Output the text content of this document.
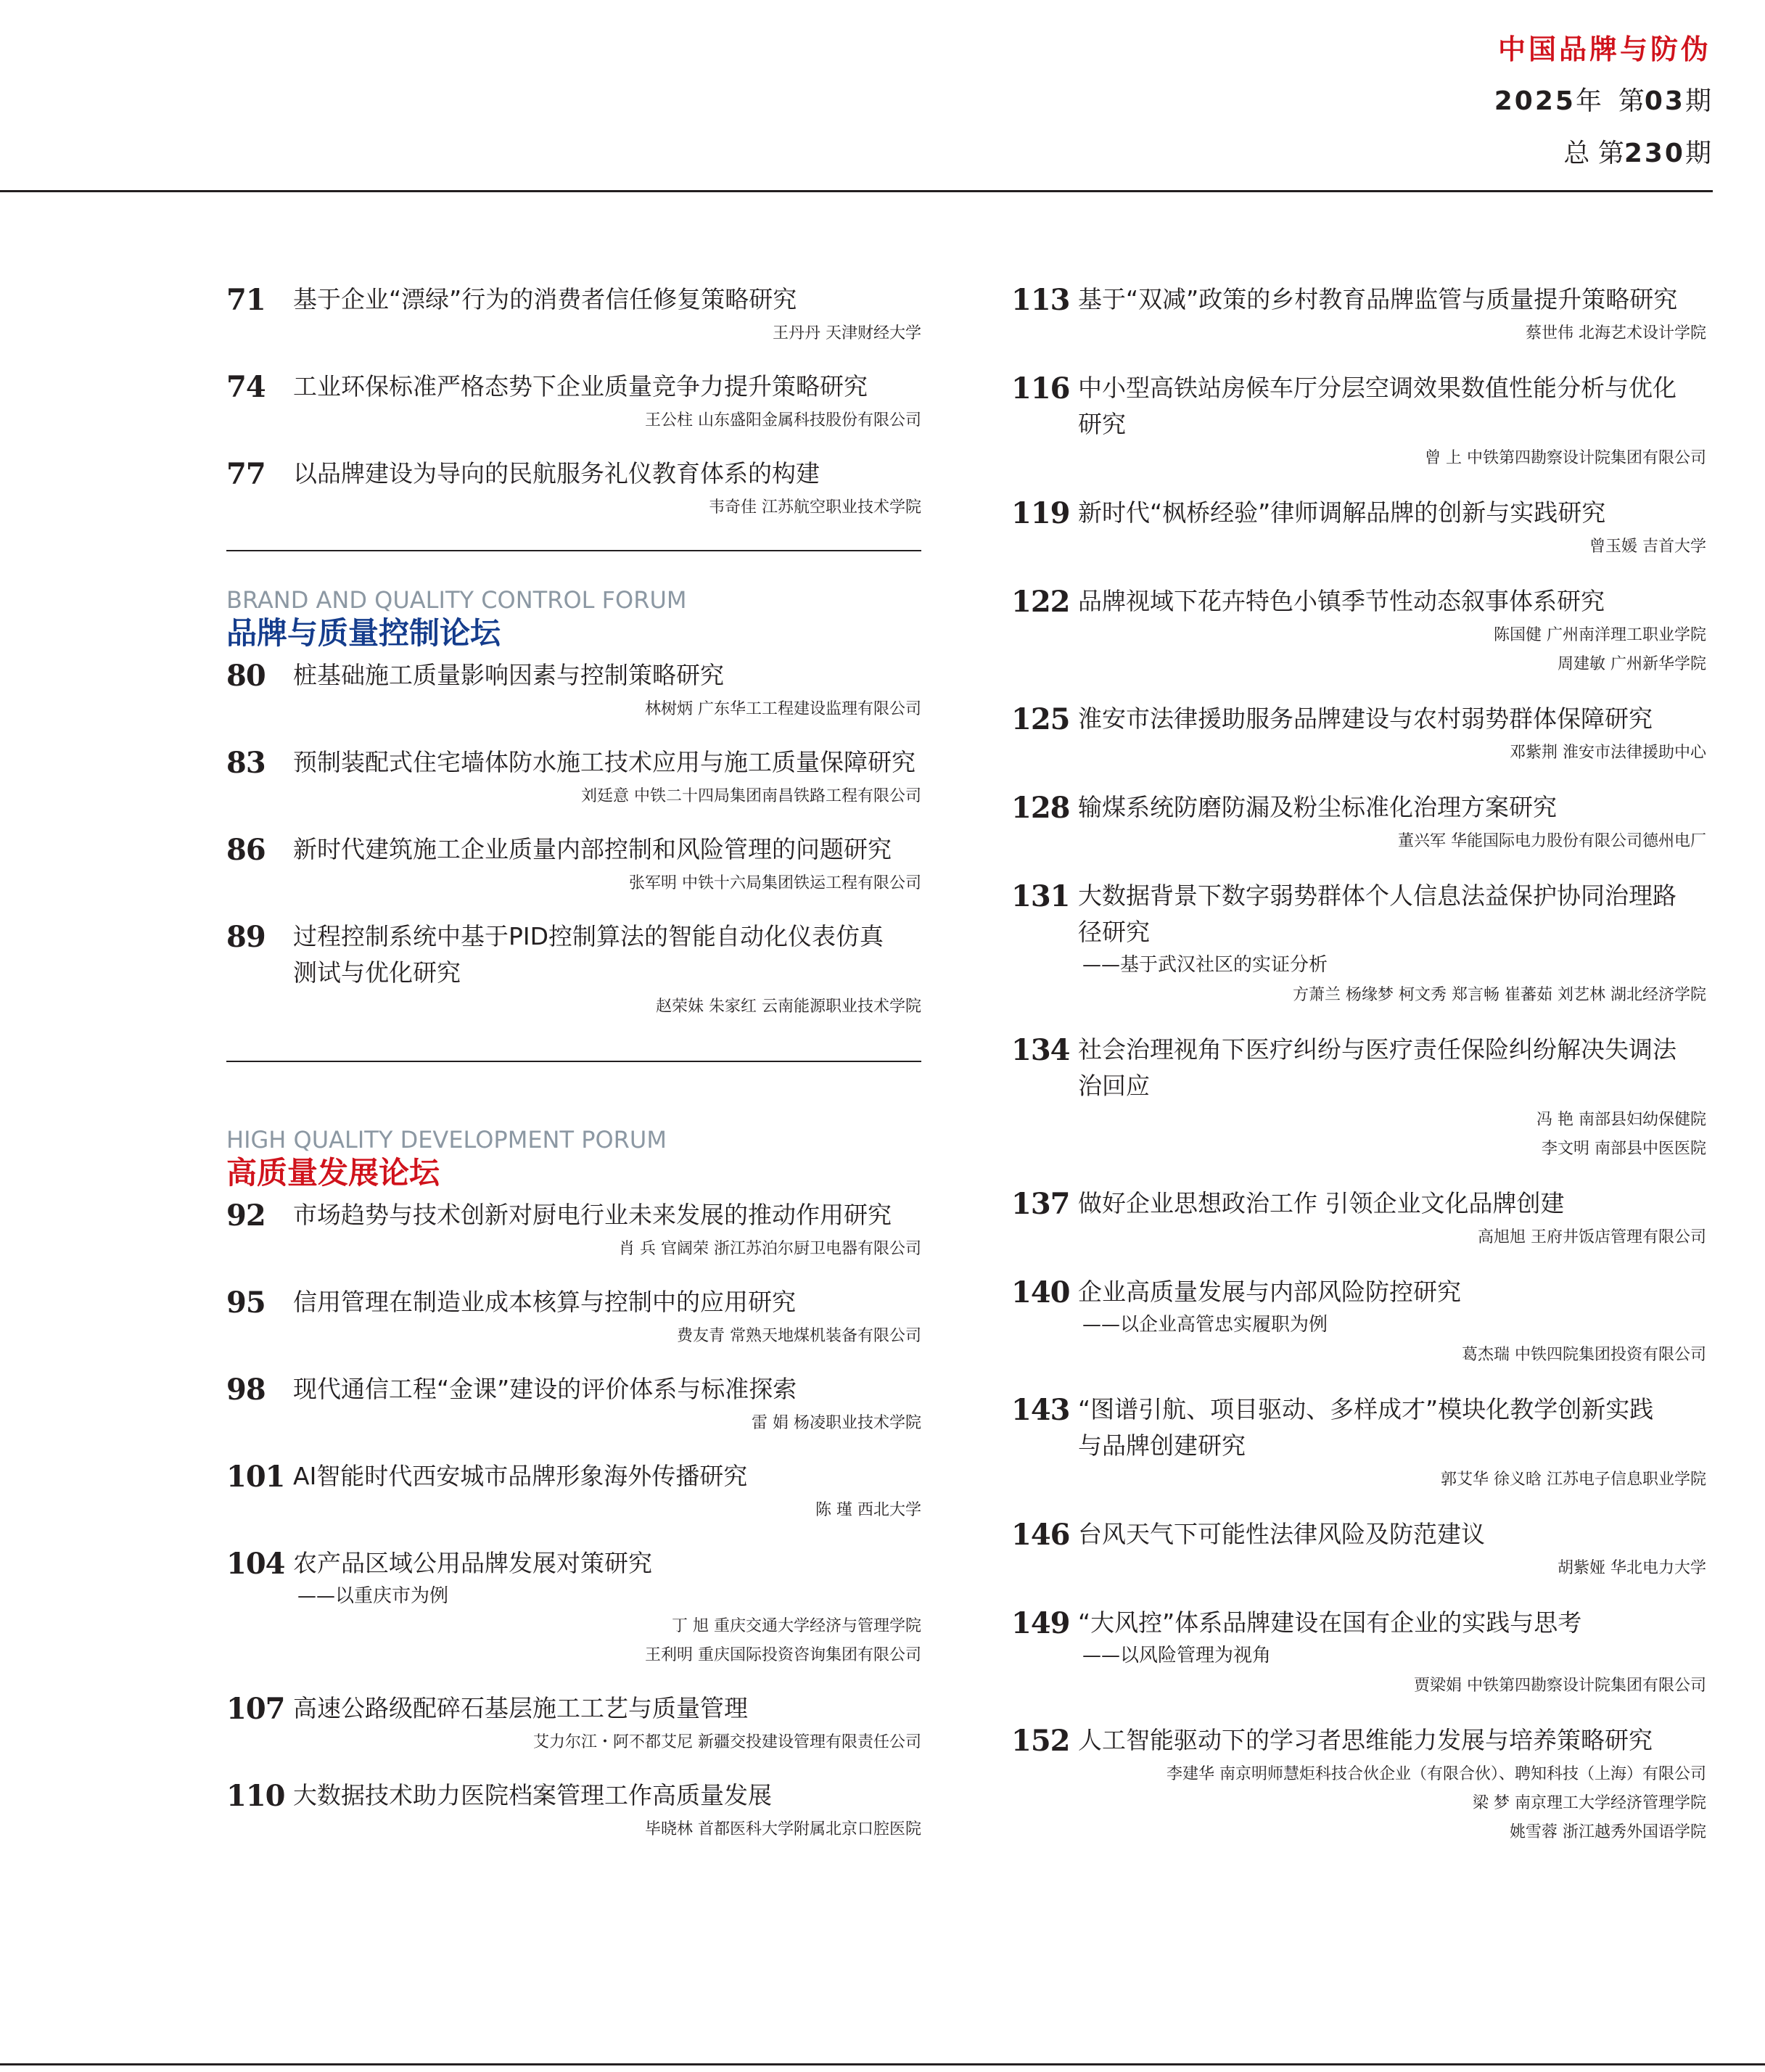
中国品牌与防伪
2025年 第03期
总 第230期
71 基于企业“漂绿”行为的消费者信任修复策略研究
王丹丹 天津财经大学
74 工业环保标准严格态势下企业质量竞争力提升策略研究
王公柱 山东盛阳金属科技股份有限公司
77 以品牌建设为导向的民航服务礼仪教育体系的构建
韦奇佳 江苏航空职业技术学院
BRAND AND QUALITY CONTROL FORUM
品牌与质量控制论坛
80 桩基础施工质量影响因素与控制策略研究
林树炳 广东华工工程建设监理有限公司
83 预制装配式住宅墙体防水施工技术应用与施工质量保障研究
刘廷意 中铁二十四局集团南昌铁路工程有限公司
86 新时代建筑施工企业质量内部控制和风险管理的问题研究
张军明 中铁十六局集团铁运工程有限公司
89 过程控制系统中基于PID控制算法的智能自动化仪表仿真
测试与优化研究
赵荣妹 朱家红 云南能源职业技术学院
HIGH QUALITY DEVELOPMENT PORUM
高质量发展论坛
92 市场趋势与技术创新对厨电行业未来发展的推动作用研究
肖 兵 官阔荣 浙江苏泊尔厨卫电器有限公司
95 信用管理在制造业成本核算与控制中的应用研究
费友青 常熟天地煤机装备有限公司
98 现代通信工程“金课”建设的评价体系与标准探索
雷 娟 杨凌职业技术学院
101 AI智能时代西安城市品牌形象海外传播研究
陈 瑾 西北大学
104 农产品区域公用品牌发展对策研究
——以重庆市为例
丁 旭 重庆交通大学经济与管理学院
王利明 重庆国际投资咨询集团有限公司
107 高速公路级配碎石基层施工工艺与质量管理
艾力尔江・阿不都艾尼 新疆交投建设管理有限责任公司
110 大数据技术助力医院档案管理工作高质量发展
毕晓林 首都医科大学附属北京口腔医院
113 基于“双减”政策的乡村教育品牌监管与质量提升策略研究
蔡世伟 北海艺术设计学院
116 中小型高铁站房候车厅分层空调效果数值性能分析与优化
研究
曾 上 中铁第四勘察设计院集团有限公司
119 新时代“枫桥经验”律师调解品牌的创新与实践研究
曾玉媛 吉首大学
122 品牌视域下花卉特色小镇季节性动态叙事体系研究
陈国健 广州南洋理工职业学院
周建敏 广州新华学院
125 淮安市法律援助服务品牌建设与农村弱势群体保障研究
邓紫荆 淮安市法律援助中心
128 输煤系统防磨防漏及粉尘标准化治理方案研究
董兴军 华能国际电力股份有限公司德州电厂
131 大数据背景下数字弱势群体个人信息法益保护协同治理路
径研究
——基于武汉社区的实证分析
方萧兰 杨缘梦 柯文秀 郑言畅 崔蕃茹 刘艺林 湖北经济学院
134 社会治理视角下医疗纠纷与医疗责任保险纠纷解决失调法
治回应
冯 艳 南部县妇幼保健院
李文明 南部县中医医院
137 做好企业思想政治工作 引领企业文化品牌创建
高旭旭 王府井饭店管理有限公司
140 企业高质量发展与内部风险防控研究
——以企业高管忠实履职为例
葛杰瑞 中铁四院集团投资有限公司
143 “图谱引航、项目驱动、多样成才”模块化教学创新实践
与品牌创建研究
郭艾华 徐义晗 江苏电子信息职业学院
146 台风天气下可能性法律风险及防范建议
胡紫娅 华北电力大学
149 “大风控”体系品牌建设在国有企业的实践与思考
——以风险管理为视角
贾梁娟 中铁第四勘察设计院集团有限公司
152 人工智能驱动下的学习者思维能力发展与培养策略研究
李建华 南京明师慧炬科技合伙企业（有限合伙）、聘知科技（上海）有限公司
梁 梦 南京理工大学经济管理学院
姚雪蓉 浙江越秀外国语学院
